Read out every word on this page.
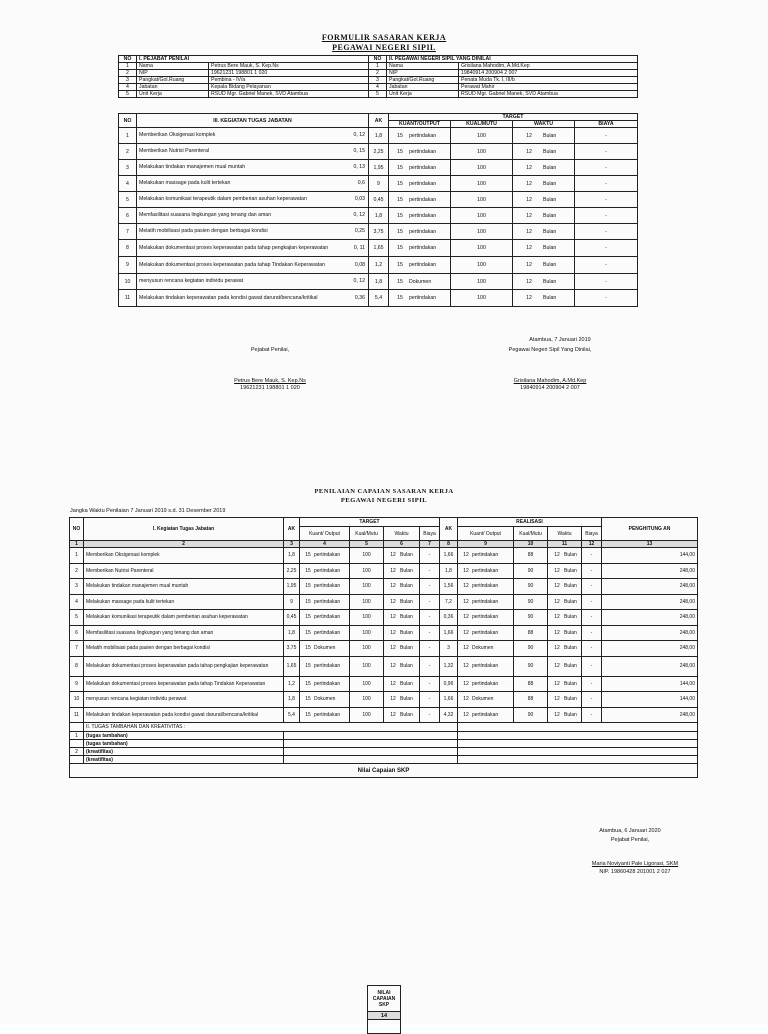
FORMULIR SASARAN KERJA
PEGAWAI NEGERI SIPIL
NO	I. PEJABAT PENILAI		NO	II. PEGAWAI NEGERI SIPIL YANG DINILAI	
1	Nama	Petrus Bere Mauk, S. Kep.Ns	1	Nama	Grisilana Mahodim, A.Md.Kep
2	NIP	19621231 198801 1 020	2	NIP	19840914 200904 2 007
3	Pangkat/Gol.Ruang	Pembina - IV/a	3	Pangkat/Gol.Ruang	Penata Muda Tk. I, III/b
4	Jabatan	Kepala Bidang Pelayanan	4	Jabatan	Perawat Mahir
5	Unit Kerja	RSUD Mgr. Gabriel Manek, SVD Atambua	5	Unit Kerja	RSUD Mgr. Gabriel Manek, SVD Atambua
NO	III. KEGIATAN TUGAS JABATAN	AK	TARGET			
			KUANT/OUTPUT	KUAL/MUTU	WAKTU	BIAYA
1	Memberikan Oksigenasi komplek 0, 12	1,8	15 pertindakan	100	12 Bulan	-
2	Memberikan Nutrisi Parenteral 0, 15	2,25	15 pertindakan	100	12 Bulan	-
3	Melakukan tindakan manajemen mual muntah 0, 13	1,95	15 pertindakan	100	12 Bulan	-
4	Melakukan massage pada kulit tertekan 0,6	9	15 pertindakan	100	12 Bulan	-
5	Melakukan komunikasi terapeutik dalam pemberian asuhan keperawatan 0,03	0,45	15 pertindakan	100	12 Bulan	-
6	Memfasilitasi suasana lingkungan yang tenang dan aman 0, 12	1,8	15 pertindakan	100	12 Bulan	-
7	Melatih mobilisasi pada pasien dengan berbagai kondisi 0,25	3,75	15 pertindakan	100	12 Bulan	-
8	Melakukan dokumentasi proses keperawatan pada tahap pengkajian keperawatan 0, 11	1,65	15 pertindakan	100	12 Bulan	-
9	Melakukan dokumentasi proses keperawatan pada tahap Tindakan Keperawatan 0,08	1,2	15 pertindakan	100	12 Bulan	-
10	menyusun rencana kegiatan individu perawat 0, 12	1,8	15 Dokumen	100	12 Bulan	-
11	Melakukan tindakan keperawatan pada kondisi gawat darurat/bencana/kritikal 0,36	5,4	15 pertindakan	100	12 Bulan	-
Atambua, 7 Januari 2019
Pejabat Penilai,	Pegawai Negeri Sipil Yang Dinilai,
Petrus Bere Mauk, S. Kep.Ns
19621231 198801 1 020
Grisilana Mahodim, A.Md.Kep
19840914 200904 2 007
PENILAIAN CAPAIAN SASARAN KERJA
PEGAWAI NEGERI SIPIL
Jangka Waktu Penilaian 7 Januari 2019 s.d. 31 Desember 2019
NO	I. Kegiatan Tugas Jabatan	AK	TARGET				AK	REALISASI				PENGHITUNG AN
			Kuant/ Output	Kual/Mutu	Waktu	Biaya		Kuant/ Output	Kual/Mutu	Waktu	Biaya	
1	2	3	4	5	6	7	8	9	10	11	12	13
1	Memberikan Oksigenasi komplek	1,8	15 pertindakan	100	12 Bulan	-	1,66	12 pertindakan	88	12 Bulan	-	144,00
2	Memberikan Nutrisi Parenteral	2,25	15 pertindakan	100	12 Bulan	-	1,8	12 pertindakan	90	12 Bulan	-	248,00
3	Melakukan tindakan manajemen mual muntah	1,95	15 pertindakan	100	12 Bulan	-	1,56	12 pertindakan	90	12 Bulan	-	248,00
4	Melakukan massage pada kulit tertekan	9	15 pertindakan	100	12 Bulan	-	7,2	12 pertindakan	90	12 Bulan	-	248,00
5	Melakukan komunikasi terapeutik dalam pemberian asuhan keperawatan	0,45	15 pertindakan	100	12 Bulan	-	0,36	12 pertindakan	90	12 Bulan	-	248,00
6	Memfasilitasi suasana lingkungan yang tenang dan aman	1,8	15 pertindakan	100	12 Bulan	-	1,66	12 pertindakan	88	12 Bulan	-	248,00
7	Melatih mobilisasi pada pasien dengan berbagai kondisi	3,75	15 Dokumen	100	12 Bulan	-	3	12 Dokumen	90	12 Bulan	-	248,00
8	Melakukan dokumentasi proses keperawatan pada tahap pengkajian keperawatan	1,65	15 pertindakan	100	12 Bulan	-	1,32	12 pertindakan	90	12 Bulan	-	248,00
9	Melakukan dokumentasi proses keperawatan pada tahap Tindakan Keperawatan	1,2	15 pertindakan	100	12 Bulan	-	0,96	12 pertindakan	88	12 Bulan	-	144,00
10	menyusun rencana kegiatan individu perawat	1,8	15 Dokumen	100	12 Bulan	-	1,66	12 Dokumen	88	12 Bulan	-	144,00
11	Melakukan tindakan keperawatan pada kondisi gawat darurat/bencana/kritikal	5,4	15 pertindakan	100	12 Bulan	-	4,32	12 pertindakan	90	12 Bulan	-	248,00
	II. TUGAS TAMBAHAN DAN KREATIVITAS :											
1	(tugas tambahan)											
	(tugas tambahan)											
2	(kreatifitas)											
	(kreatifitas)											
Nilai Capaian SKP												
Atambua, 6 Januari 2020
Pejabat Penilai,
Maria Noviyanti Pale Ligorasi, SKM
NIP. 19860428 201001 2 027
NILAI CAPAIAN SKP
14
